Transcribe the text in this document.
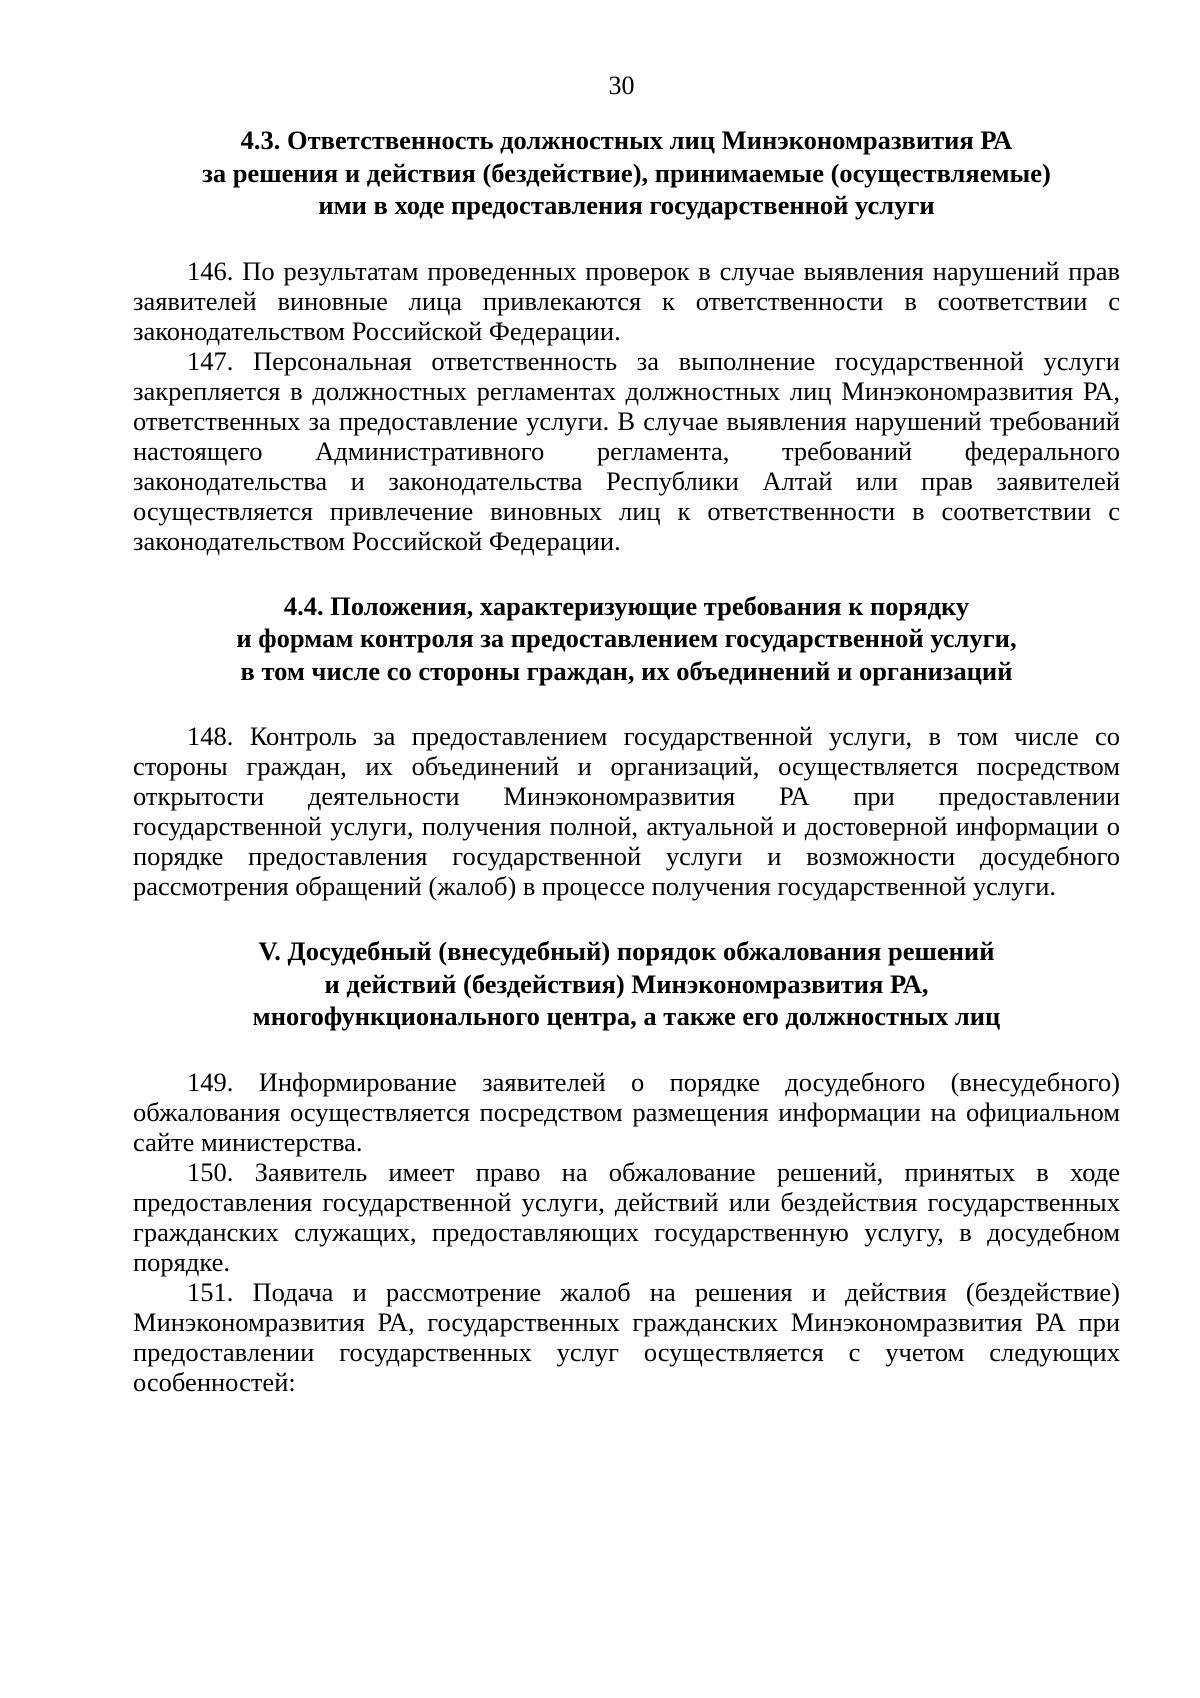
30
4.3. Ответственность должностных лиц Минэкономразвития РА
за решения и действия (бездействие), принимаемые (осуществляемые)
ими в ходе предоставления государственной услуги

146. По результатам проведенных проверок в случае выявления нарушений прав заявителей виновные лица привлекаются к ответственности в соответствии с законодательством Российской Федерации.

147. Персональная ответственность за выполнение государственной услуги закрепляется в должностных регламентах должностных лиц Минэкономразвития РА, ответственных за предоставление услуги. В случае выявления нарушений требований настоящего Административного регламента, требований федерального законодательства и законодательства Республики Алтай или прав заявителей осуществляется привлечение виновных лиц к ответственности в соответствии с законодательством Российской Федерации.

4.4. Положения, характеризующие требования к порядку
и формам контроля за предоставлением государственной услуги,
в том числе со стороны граждан, их объединений и организаций

148. Контроль за предоставлением государственной услуги, в том числе со стороны граждан, их объединений и организаций, осуществляется посредством открытости деятельности Минэкономразвития РА при предоставлении государственной услуги, получения полной, актуальной и достоверной информации о порядке предоставления государственной услуги и возможности досудебного рассмотрения обращений (жалоб) в процессе получения государственной услуги.

V. Досудебный (внесудебный) порядок обжалования решений
и действий (бездействия) Минэкономразвития РА,
многофункционального центра, а также его должностных лиц

149. Информирование заявителей о порядке досудебного (внесудебного) обжалования осуществляется посредством размещения информации на официальном сайте министерства.

150. Заявитель имеет право на обжалование решений, принятых в ходе предоставления государственной услуги, действий или бездействия государственных гражданских служащих, предоставляющих государственную услугу, в досудебном порядке.

151. Подача и рассмотрение жалоб на решения и действия (бездействие) Минэкономразвития РА, государственных гражданских Минэкономразвития РА при предоставлении государственных услуг осуществляется с учетом следующих особенностей:
